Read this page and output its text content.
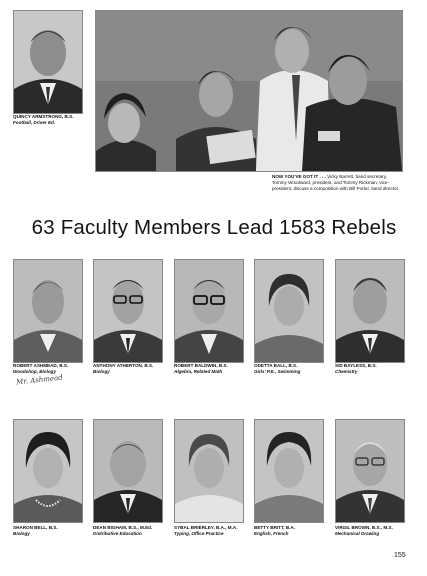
QUINCY ARMSTRONG, B.S.
Football, Driver Ed.
NOW YOU'VE GOT IT . . . Vicky Barrett, band secretary, Tommy Woodward, president, and Tommy Rickman, vice-president, discuss a composition with Bill Porter, band director.
63 Faculty Members Lead 1583 Rebels
ROBERT ASHMEAD, B.S.
Woodshop, Biology
Mr. Ashmead
ANTHONY ATHERTON, B.S.
Biology
ROBERT BALDWIN, B.S.
Algebra, Related Math
ODETTA BALL, B.S.
Girls' P.E., Swimming
SID BAYLESS, B.S.
Chemistry
SHARON BELL, B.S.
Biology
DEAN BIGHAM, B.S., M.Ed.
Distributive Education
SYBAL BRIERLEY, B.A., M.A.
Typing, Office Practice
BETTY BRITT, B.A.
English, French
VIRGIL BROWN, B.S., M.S.
Mechanical Drawing
155
